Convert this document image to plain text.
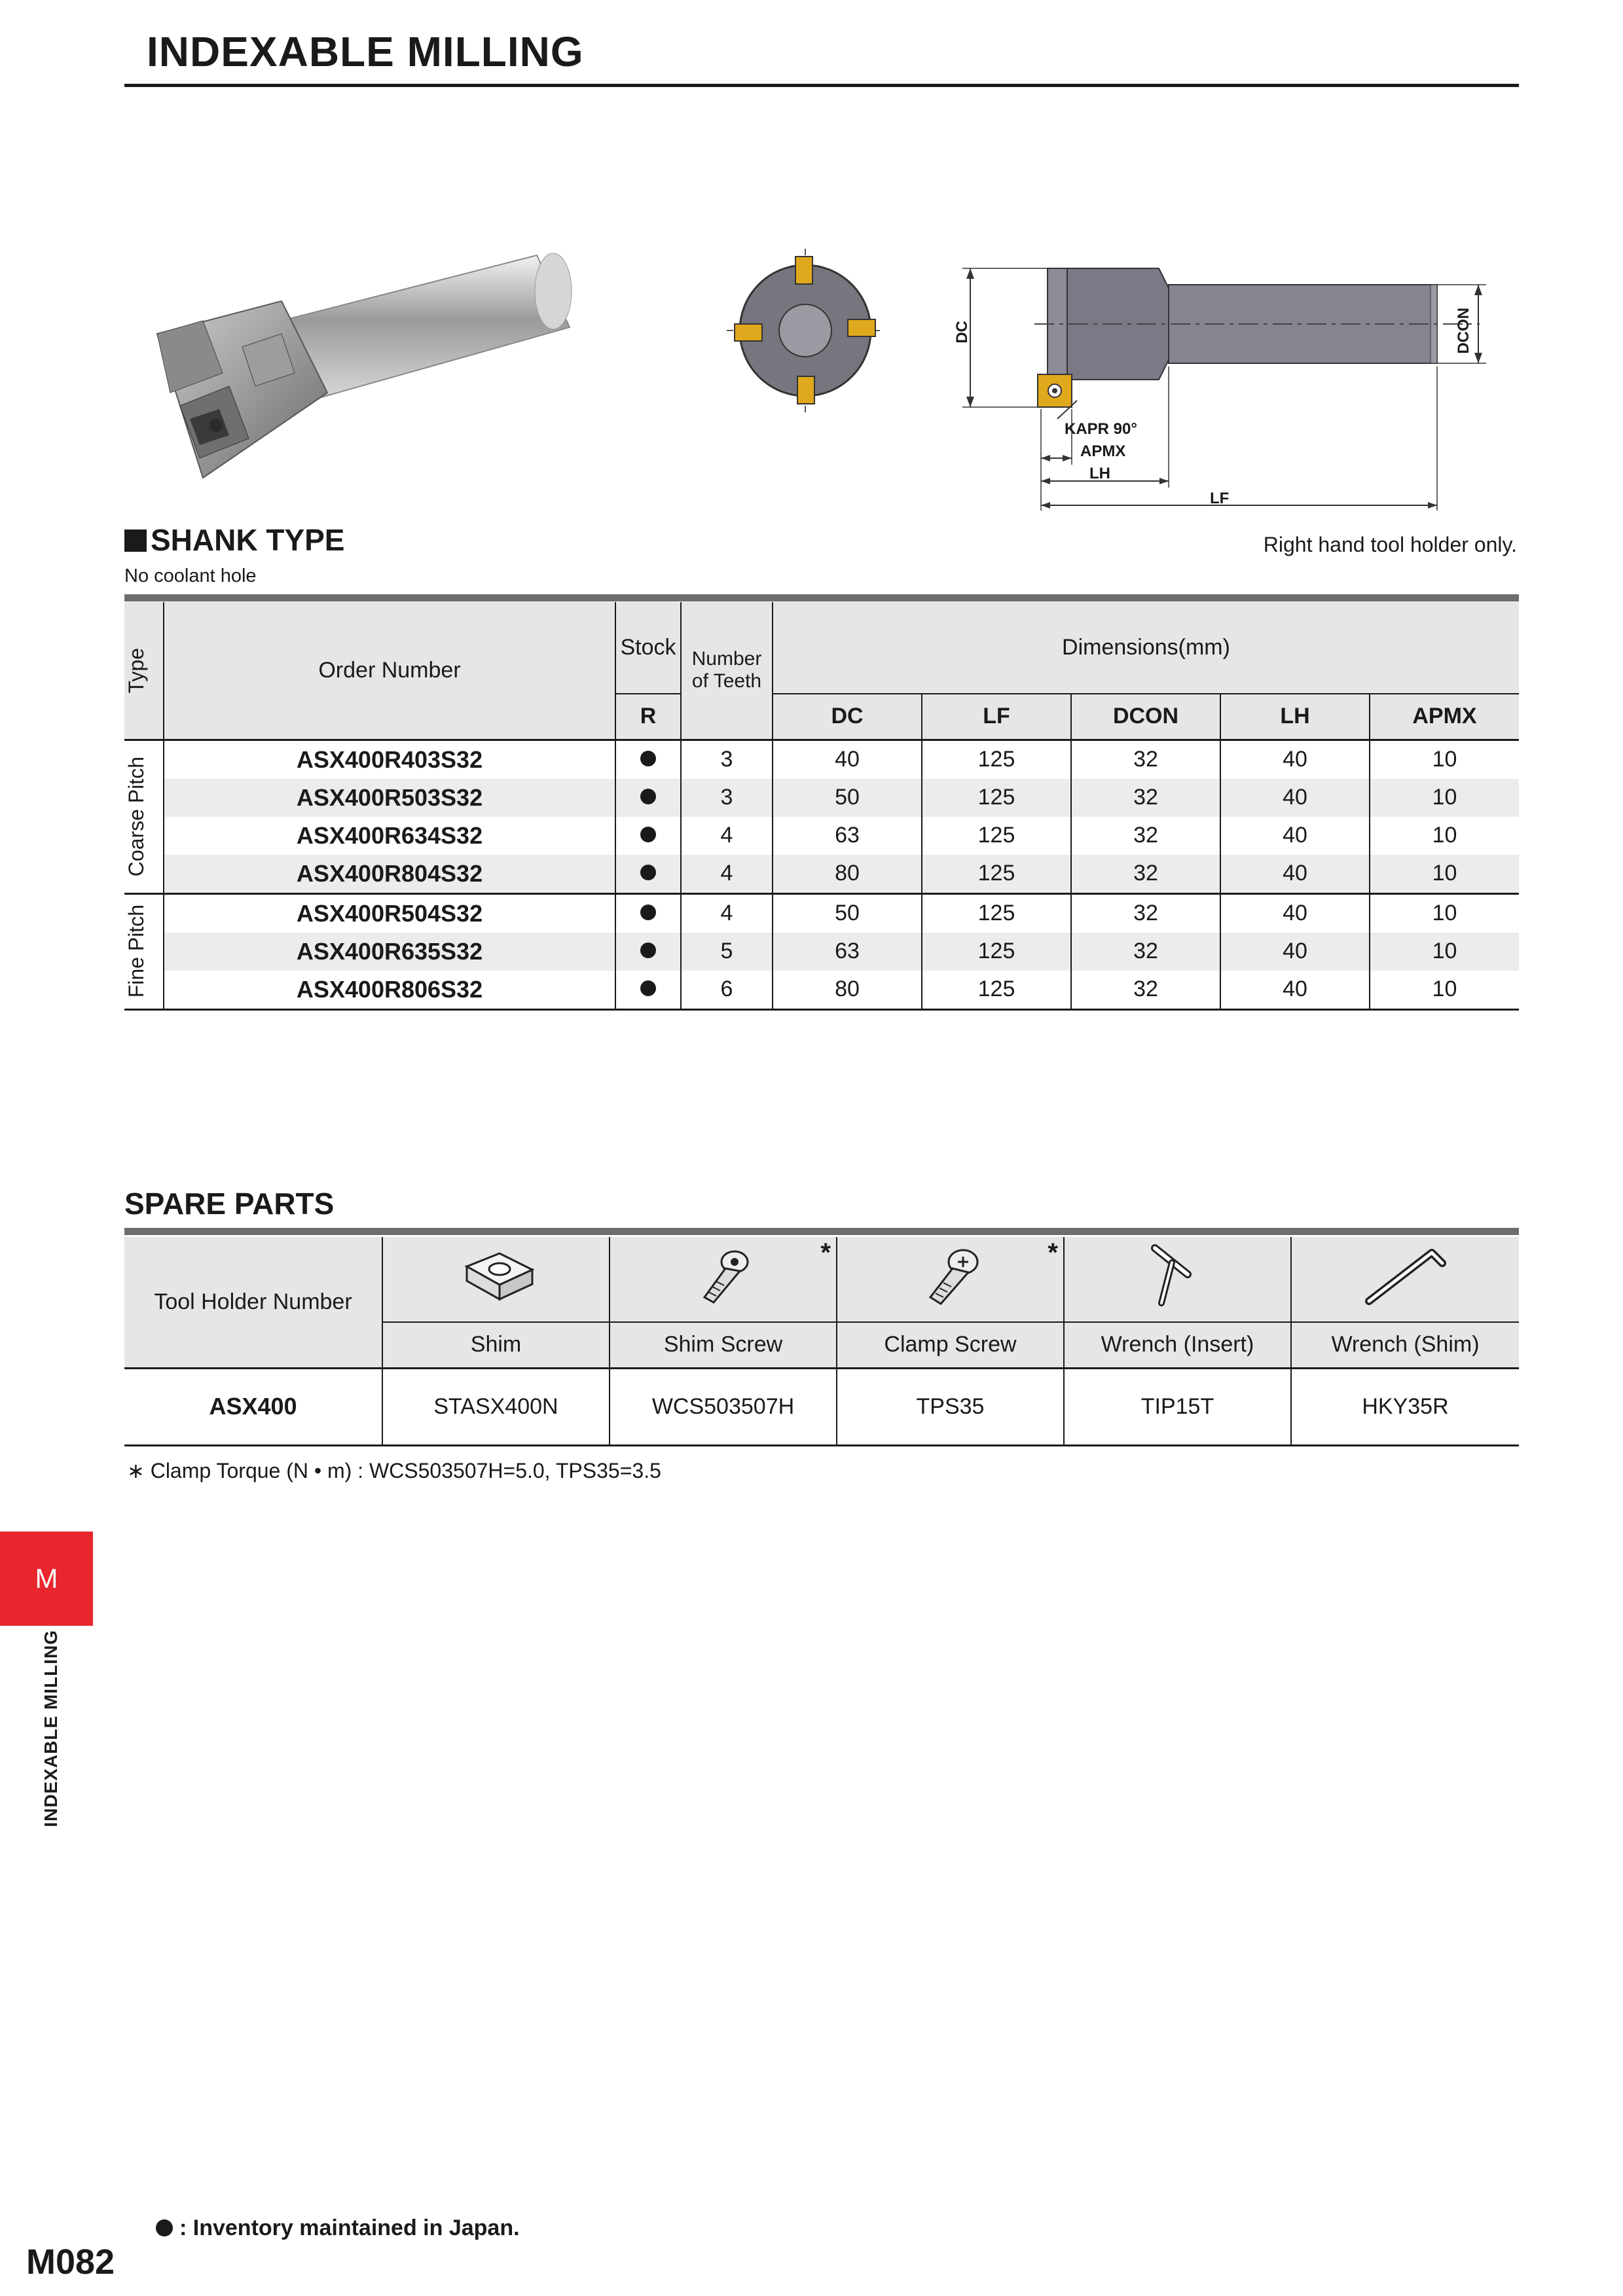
INDEXABLE MILLING
DC	DCON
KAPR 90°
APMX
LH
LF
SHANK TYPE
No coolant hole
Right hand tool holder only.
Type	Order Number	Stock	Number of Teeth	Dimensions(mm)				
		R		DC	LF	DCON	LH	APMX

Coarse Pitch	ASX400R403S32		3	40	125	32	40	10
	ASX400R503S32		3	50	125	32	40	10
	ASX400R634S32		4	63	125	32	40	10
	ASX400R804S32		4	80	125	32	40	10

Fine Pitch	ASX400R504S32		4	50	125	32	40	10
	ASX400R635S32		5	63	125	32	40	10
	ASX400R806S32		6	80	125	32	40	10
SPARE PARTS
Tool Holder Number		*	*

	Shim	Shim Screw	Clamp Screw	Wrench (Insert)	Wrench (Shim)
ASX400	STASX400N	WCS503507H	TPS35	TIP15T	HKY35R
∗ Clamp Torque (N • m) : WCS503507H=5.0, TPS35=3.5
M
INDEXABLE MILLING
: Inventory maintained in Japan.
M082
